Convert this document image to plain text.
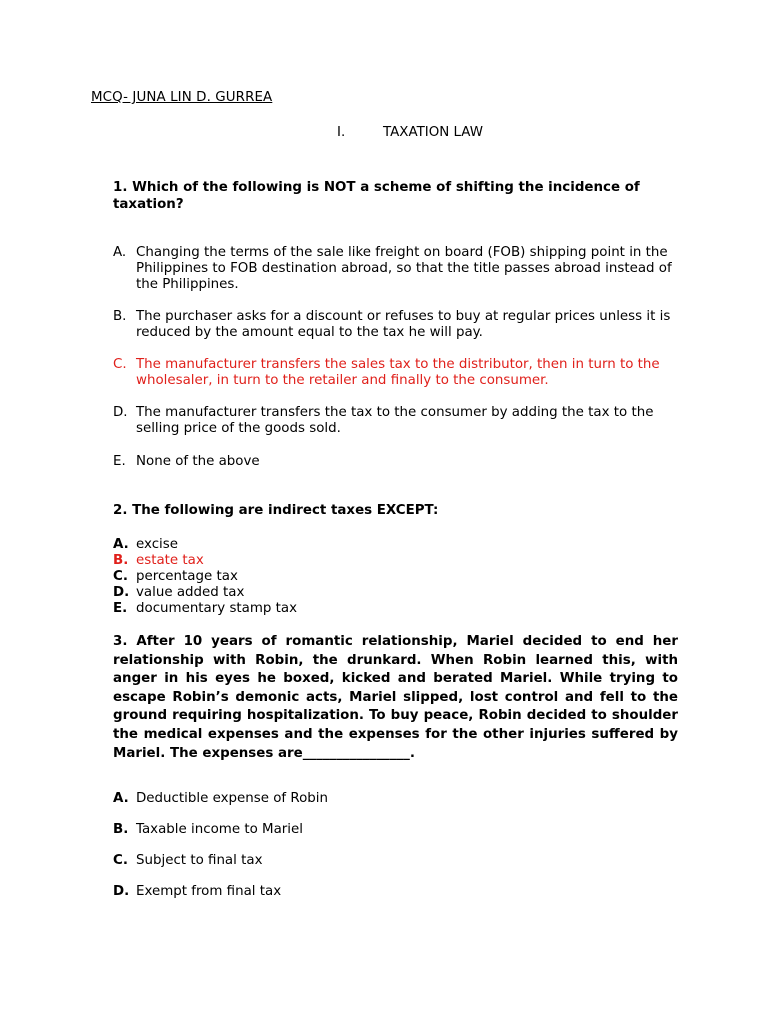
MCQ- JUNA LIN D. GURREA
I.	TAXATION LAW
1. Which of the following is NOT a scheme of shifting the incidence of taxation?
A. Changing the terms of the sale like freight on board (FOB) shipping point in the Philippines to FOB destination abroad, so that the title passes abroad instead of the Philippines.
B. The purchaser asks for a discount or refuses to buy at regular prices unless it is reduced by the amount equal to the tax he will pay.
C. The manufacturer transfers the sales tax to the distributor, then in turn to the wholesaler, in turn to the retailer and finally to the consumer.
D. The manufacturer transfers the tax to the consumer by adding the tax to the selling price of the goods sold.
E. None of the above
2. The following are indirect taxes EXCEPT:
A. excise
B. estate tax
C. percentage tax
D. value added tax
E. documentary stamp tax
3. After 10 years of romantic relationship, Mariel decided to end her relationship with Robin, the drunkard. When Robin learned this, with anger in his eyes he boxed, kicked and berated Mariel. While trying to escape Robin’s demonic acts, Mariel slipped, lost control and fell to the ground requiring hospitalization. To buy peace, Robin decided to shoulder the medical expenses and the expenses for the other injuries suffered by Mariel. The expenses are________________.
A. Deductible expense of Robin
B. Taxable income to Mariel
C. Subject to final tax
D. Exempt from final tax
